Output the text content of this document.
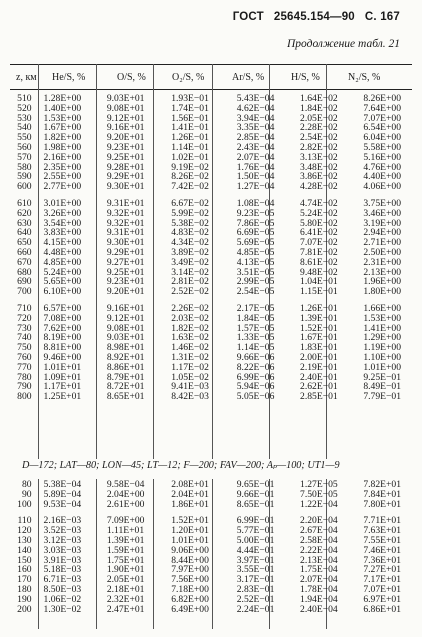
ГОСТ 25645.154—90 С. 167
Продолжение табл. 21
z, км He/S, %	O/S, %	O₂/S, %	Ar/S, %	H/S, %	N₂/S, %
510	1.28E+00	9.03E+01	1.93E−01	5.43E−04	1.64E−02	8.26E+00
520	1.40E+00	9.08E+01	1.74E−01	4.62E−04	1.84E−02	7.64E+00
530	1.53E+00	9.12E+01	1.56E−01	3.94E−04	2.05E−02	7.07E+00
540	1.67E+00	9.16E+01	1.41E−01	3.35E−04	2.28E−02	6.54E+00
550	1.82E+00	9.20E+01	1.26E−01	2.85E−04	2.54E−02	6.04E+00
560	1.98E+00	9.23E+01	1.14E−01	2.43E−04	2.82E−02	5.58E+00
570	2.16E+00	9.25E+01	1.02E−01	2.07E−04	3.13E−02	5.16E+00
580	2.35E+00	9.28E+01	9.19E−02	1.76E−04	3.48E−02	4.76E+00
590	2.55E+00	9.29E+01	8.26E−02	1.50E−04	3.86E−02	4.40E+00
600	2.77E+00	9.30E+01	7.42E−02	1.27E−04	4.28E−02	4.06E+00

610	3.01E+00	9.31E+01	6.67E−02	1.08E−04	4.74E−02	3.75E+00
620	3.26E+00	9.32E+01	5.99E−02	9.23E−05	5.24E−02	3.46E+00
630	3.54E+00	9.32E+01	5.38E−02	7.86E−05	5.80E−02	3.19E+00
640	3.83E+00	9.31E+01	4.83E−02	6.69E−05	6.41E−02	2.94E+00
650	4.15E+00	9.30E+01	4.34E−02	5.69E−05	7.07E−02	2.71E+00
660	4.48E+00	9.29E+01	3.89E−02	4.85E−05	7.81E−02	2.50E+00
670	4.85E+00	9.27E+01	3.49E−02	4.13E−05	8.61E−02	2.31E+00
680	5.24E+00	9.25E+01	3.14E−02	3.51E−05	9.48E−02	2.13E+00
690	5.65E+00	9.23E+01	2.81E−02	2.99E−05	1.04E−01	1.96E+00
700	6.10E+00	9.20E+01	2.52E−02	2.54E−05	1.15E−01	1.80E+00

710	6.57E+00	9.16E+01	2.26E−02	2.17E−05	1.26E−01	1.66E+00
720	7.08E+00	9.12E+01	2.03E−02	1.84E−05	1.39E−01	1.53E+00
730	7.62E+00	9.08E+01	1.82E−02	1.57E−05	1.52E−01	1.41E+00
740	8.19E+00	9.03E+01	1.63E−02	1.33E−05	1.67E−01	1.29E+00
750	8.81E+00	8.98E+01	1.46E−02	1.14E−05	1.83E−01	1.19E+00
760	9.46E+00	8.92E+01	1.31E−02	9.66E−06	2.00E−01	1.10E+00
770	1.01E+01	8.86E+01	1.17E−02	8.22E−06	2.19E−01	1.01E+00
780	1.09E+01	8.79E+01	1.05E−02	6.99E−06	2.40E−01	9.25E−01
790	1.17E+01	8.72E+01	9.41E−03	5.94E−06	2.62E−01	8.49E−01
800	1.25E+01	8.65E+01	8.42E−03	5.05E−06	2.85E−01	7.79E−01
D—172; LAT—80; LON—45; LT—12; F—200; FAV—200; Aₚ—100; UT1—9
80	5.38E−04	9.58E−04	2.08E+01	9.65E−01	1.27E−05	7.82E+01
90	5.89E−04	2.04E+00	2.04E+01	9.66E−01	7.50E−05	7.84E+01
100	9.53E−04	2.61E+00	1.86E+01	8.65E−01	1.22E−04	7.80E+01

110	2.16E−03	7.09E+00	1.52E+01	6.99E−01	2.20E−04	7.71E+01
120	3.52E−03	1.11E+01	1.20E+01	5.77E−01	2.67E−04	7.63E+01
130	3.12E−03	1.39E+01	1.01E+01	5.00E−01	2.58E−04	7.55E+01
140	3.03E−03	1.59E+01	9.06E+00	4.44E−01	2.22E−04	7.46E+01
150	3.91E−03	1.75E+01	8.44E+00	3.97E−01	2.13E−04	7.36E+01
160	5.18E−03	1.90E+01	7.97E+00	3.55E−01	1.75E−04	7.27E+01
170	6.71E−03	2.05E+01	7.56E+00	3.17E−01	2.07E−04	7.17E+01
180	8.50E−03	2.18E+01	7.18E+00	2.83E−01	1.78E−04	7.07E+01
190	1.06E−02	2.32E+01	6.82E+00	2.52E−01	1.94E−04	6.97E+01
200	1.30E−02	2.47E+01	6.49E+00	2.24E−01	2.40E−04	6.86E+01
